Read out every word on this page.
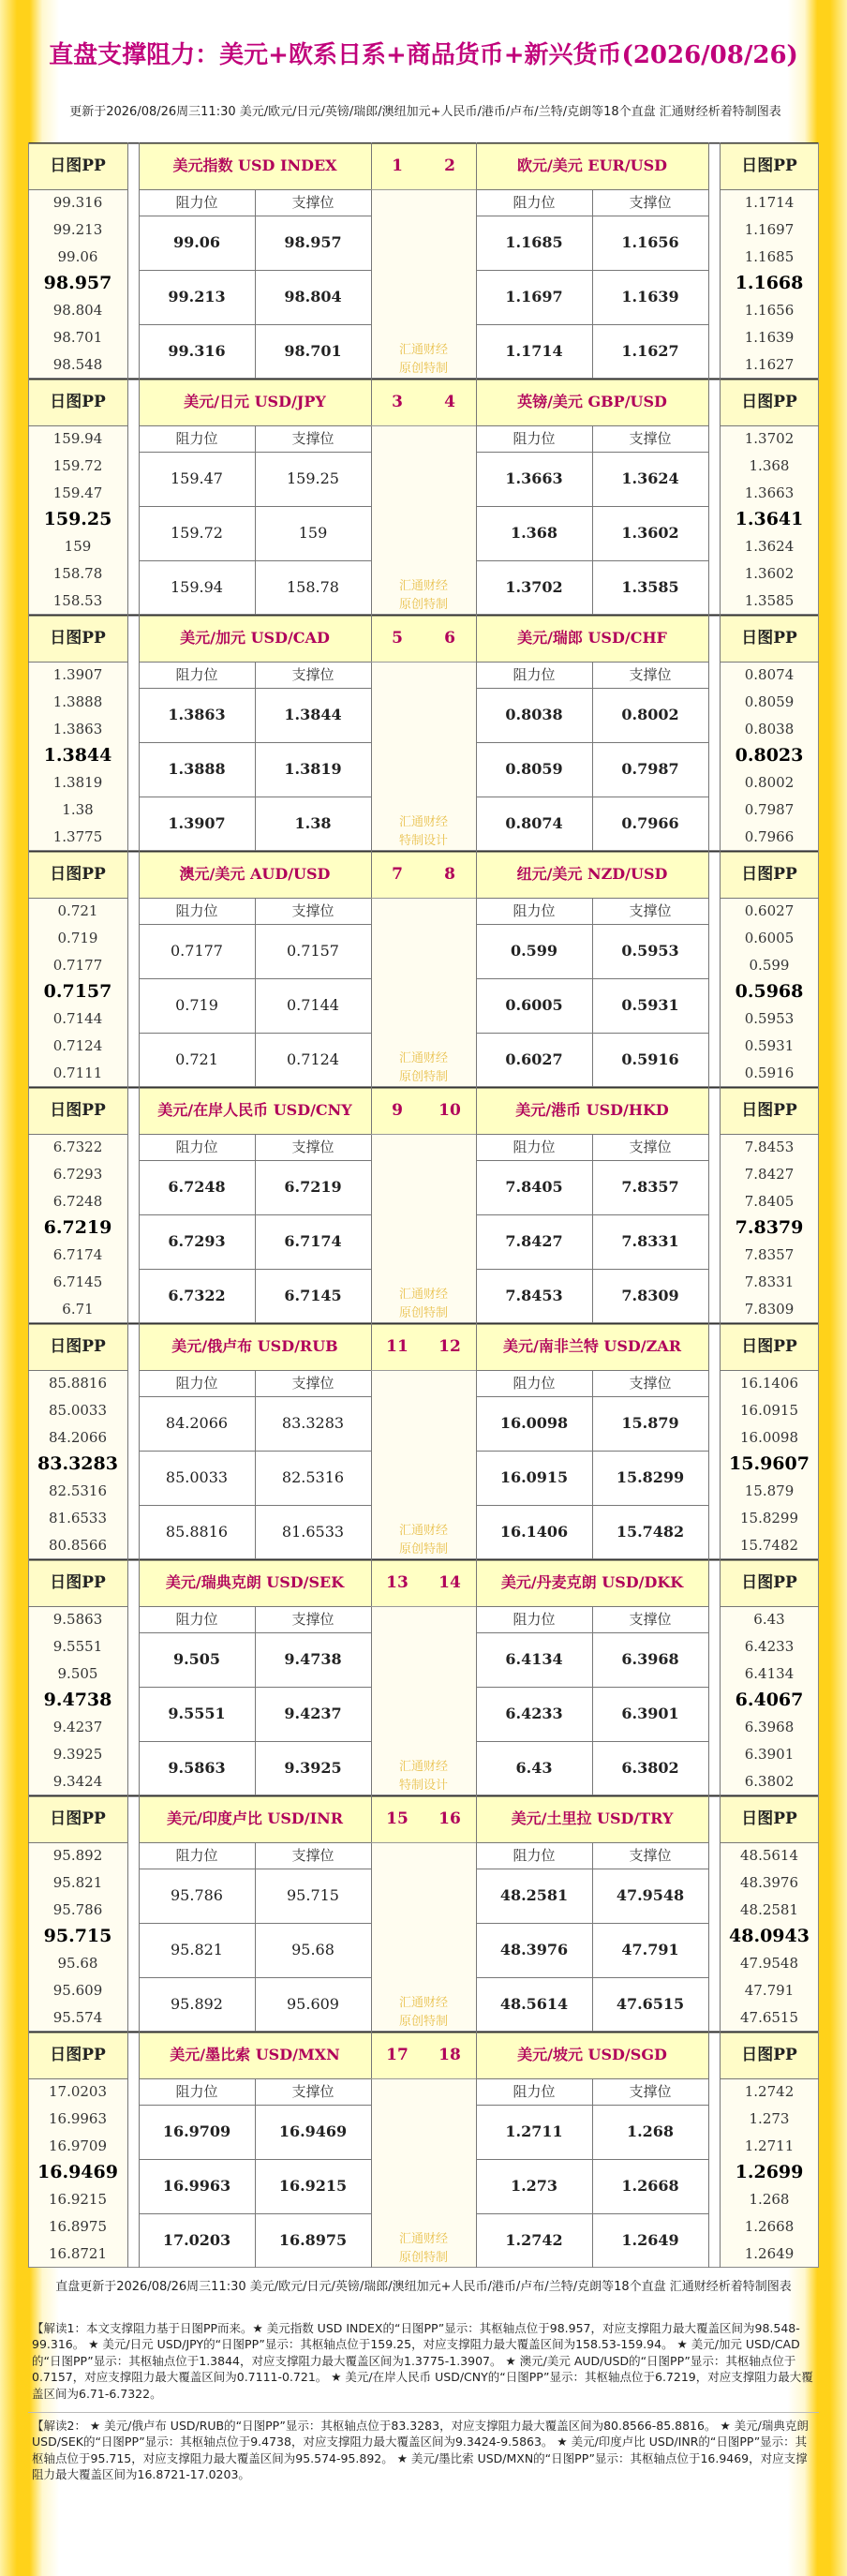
直盘支撑阻力：美元+欧系日系+商品货币+新兴货币(2026/08/26)
更新于2026/08/26周三11:30 美元/欧元/日元/英镑/瑞郎/澳纽加元+人民币/港币/卢布/兰特/克朗等18个直盘 汇通财经析着特制图表
日图PP
99.316
99.213
99.06
98.957
98.804
98.701
98.548
美元指数 USD INDEX
阻力位	支撑位
99.06	98.957
99.213	98.804
99.316	98.701
1	2
汇通财经
原创特制
欧元/美元 EUR/USD
阻力位	支撑位
1.1685	1.1656
1.1697	1.1639
1.1714	1.1627
日图PP
1.1714
1.1697
1.1685
1.1668
1.1656
1.1639
1.1627
日图PP
159.94
159.72
159.47
159.25
159
158.78
158.53
美元/日元 USD/JPY
阻力位	支撑位
159.47	159.25
159.72	159
159.94	158.78
3	4
汇通财经
原创特制
英镑/美元 GBP/USD
阻力位	支撑位
1.3663	1.3624
1.368	1.3602
1.3702	1.3585
日图PP
1.3702
1.368
1.3663
1.3641
1.3624
1.3602
1.3585
日图PP
1.3907
1.3888
1.3863
1.3844
1.3819
1.38
1.3775
美元/加元 USD/CAD
阻力位	支撑位
1.3863	1.3844
1.3888	1.3819
1.3907	1.38
5	6
汇通财经
特制设计
美元/瑞郎 USD/CHF
阻力位	支撑位
0.8038	0.8002
0.8059	0.7987
0.8074	0.7966
日图PP
0.8074
0.8059
0.8038
0.8023
0.8002
0.7987
0.7966
日图PP
0.721
0.719
0.7177
0.7157
0.7144
0.7124
0.7111
澳元/美元 AUD/USD
阻力位	支撑位
0.7177	0.7157
0.719	0.7144
0.721	0.7124
7	8
汇通财经
原创特制
纽元/美元 NZD/USD
阻力位	支撑位
0.599	0.5953
0.6005	0.5931
0.6027	0.5916
日图PP
0.6027
0.6005
0.599
0.5968
0.5953
0.5931
0.5916
日图PP
6.7322
6.7293
6.7248
6.7219
6.7174
6.7145
6.71
美元/在岸人民币 USD/CNY
阻力位	支撑位
6.7248	6.7219
6.7293	6.7174
6.7322	6.7145
9	10
汇通财经
原创特制
美元/港币 USD/HKD
阻力位	支撑位
7.8405	7.8357
7.8427	7.8331
7.8453	7.8309
日图PP
7.8453
7.8427
7.8405
7.8379
7.8357
7.8331
7.8309
日图PP
85.8816
85.0033
84.2066
83.3283
82.5316
81.6533
80.8566
美元/俄卢布 USD/RUB
阻力位	支撑位
84.2066	83.3283
85.0033	82.5316
85.8816	81.6533
11	12
汇通财经
原创特制
美元/南非兰特 USD/ZAR
阻力位	支撑位
16.0098	15.879
16.0915	15.8299
16.1406	15.7482
日图PP
16.1406
16.0915
16.0098
15.9607
15.879
15.8299
15.7482
日图PP
9.5863
9.5551
9.505
9.4738
9.4237
9.3925
9.3424
美元/瑞典克朗 USD/SEK
阻力位	支撑位
9.505	9.4738
9.5551	9.4237
9.5863	9.3925
13	14
汇通财经
特制设计
美元/丹麦克朗 USD/DKK
阻力位	支撑位
6.4134	6.3968
6.4233	6.3901
6.43	6.3802
日图PP
6.43
6.4233
6.4134
6.4067
6.3968
6.3901
6.3802
日图PP
95.892
95.821
95.786
95.715
95.68
95.609
95.574
美元/印度卢比 USD/INR
阻力位	支撑位
95.786	95.715
95.821	95.68
95.892	95.609
15	16
汇通财经
原创特制
美元/土里拉 USD/TRY
阻力位	支撑位
48.2581	47.9548
48.3976	47.791
48.5614	47.6515
日图PP
48.5614
48.3976
48.2581
48.0943
47.9548
47.791
47.6515
日图PP
17.0203
16.9963
16.9709
16.9469
16.9215
16.8975
16.8721
美元/墨比索 USD/MXN
阻力位	支撑位
16.9709	16.9469
16.9963	16.9215
17.0203	16.8975
17	18
汇通财经
原创特制
美元/坡元 USD/SGD
阻力位	支撑位
1.2711	1.268
1.273	1.2668
1.2742	1.2649
日图PP
1.2742
1.273
1.2711
1.2699
1.268
1.2668
1.2649
直盘更新于2026/08/26周三11:30 美元/欧元/日元/英镑/瑞郎/澳纽加元+人民币/港币/卢布/兰特/克朗等18个直盘 汇通财经析着特制图表
【解读1：本文支撑阻力基于日图PP而来。★ 美元指数 USD INDEX的“日图PP”显示：其枢轴点位于98.957，对应支撑阻力最大覆盖区间为98.548-99.316。 ★ 美元/日元 USD/JPY的“日图PP”显示：其枢轴点位于159.25，对应支撑阻力最大覆盖区间为158.53-159.94。 ★ 美元/加元 USD/CAD的“日图PP”显示：其枢轴点位于1.3844，对应支撑阻力最大覆盖区间为1.3775-1.3907。 ★ 澳元/美元 AUD/USD的“日图PP”显示：其枢轴点位于0.7157，对应支撑阻力最大覆盖区间为0.7111-0.721。 ★ 美元/在岸人民币 USD/CNY的“日图PP”显示：其枢轴点位于6.7219，对应支撑阻力最大覆盖区间为6.71-6.7322。
【解读2： ★ 美元/俄卢布 USD/RUB的“日图PP”显示：其枢轴点位于83.3283，对应支撑阻力最大覆盖区间为80.8566-85.8816。 ★ 美元/瑞典克朗 USD/SEK的“日图PP”显示：其枢轴点位于9.4738，对应支撑阻力最大覆盖区间为9.3424-9.5863。 ★ 美元/印度卢比 USD/INR的“日图PP”显示：其枢轴点位于95.715，对应支撑阻力最大覆盖区间为95.574-95.892。 ★ 美元/墨比索 USD/MXN的“日图PP”显示：其枢轴点位于16.9469，对应支撑阻力最大覆盖区间为16.8721-17.0203。
